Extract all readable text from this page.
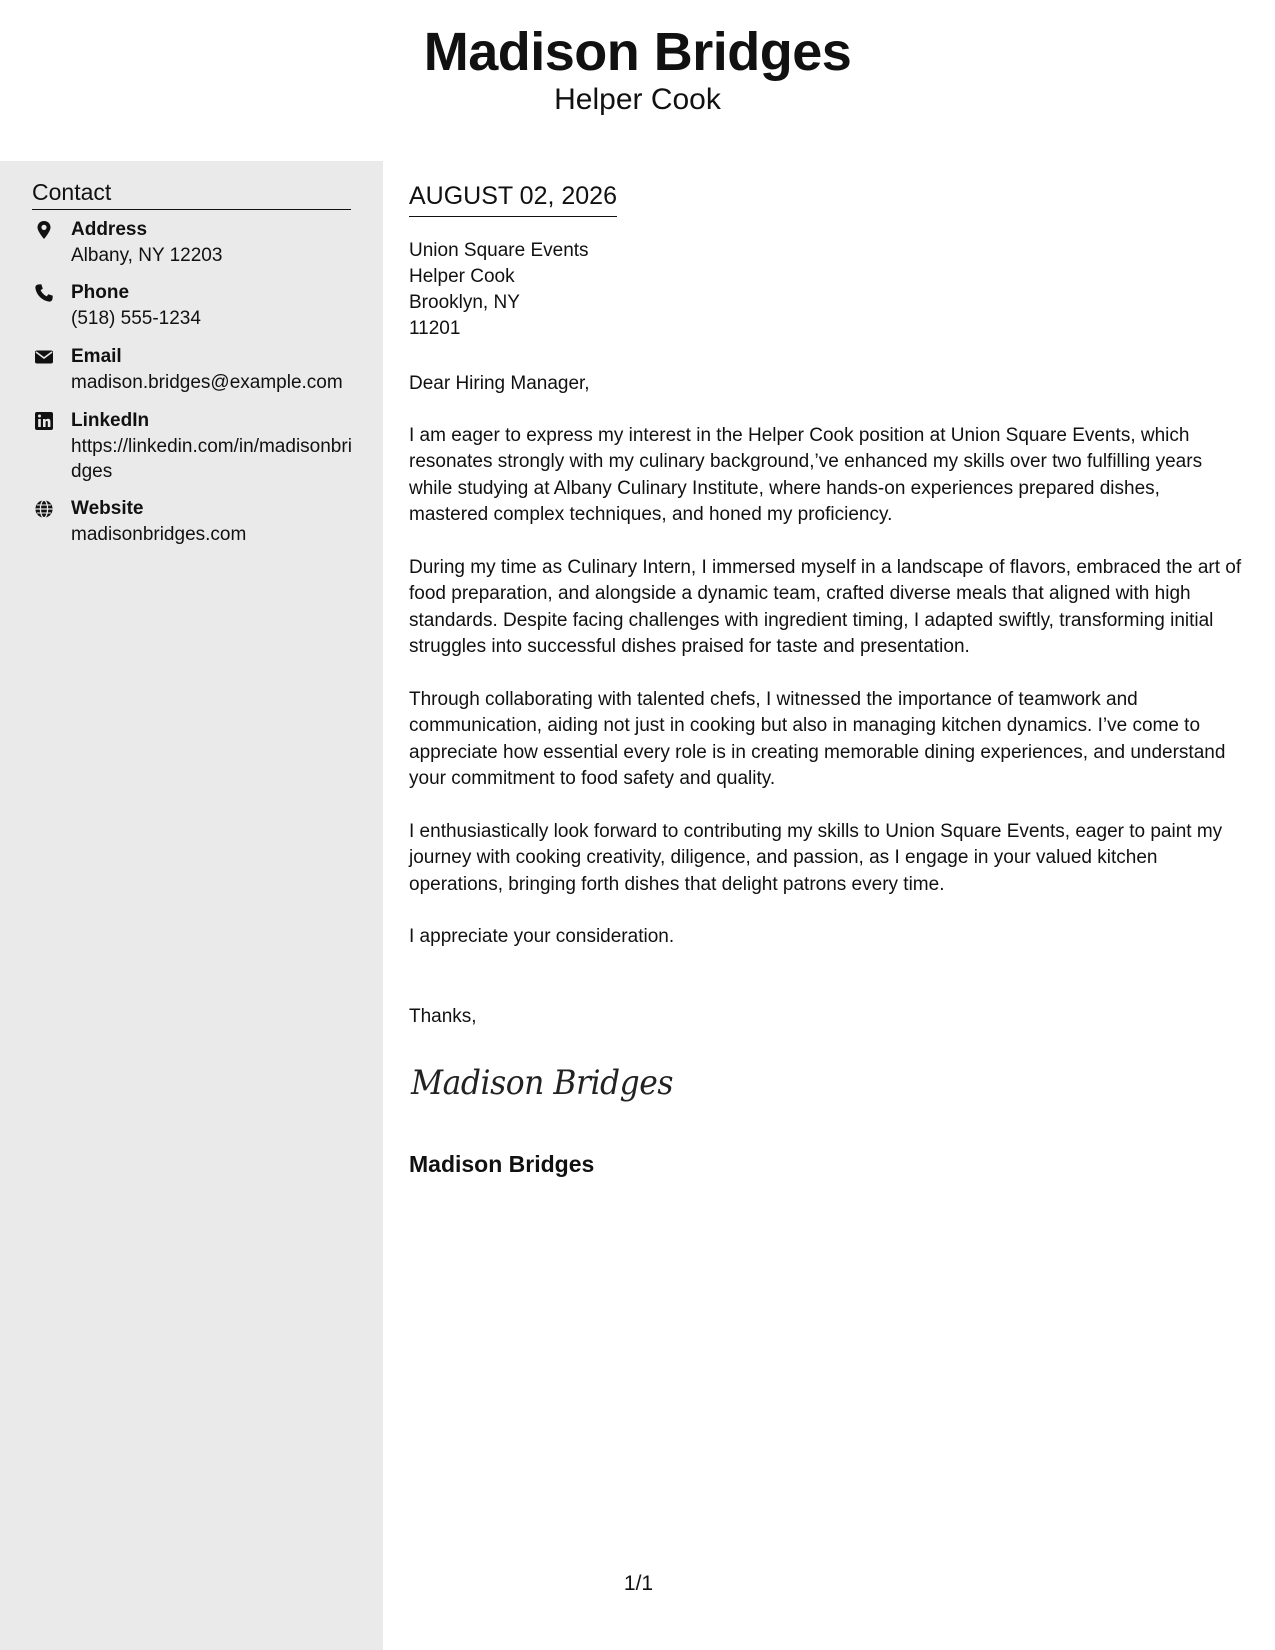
Madison Bridges
Helper Cook
Contact
Address
Albany, NY 12203
Phone
(518) 555-1234
Email
madison.bridges@example.com
LinkedIn
https://linkedin.com/in/madisonbridges
Website
madisonbridges.com
AUGUST 02, 2026
Union Square Events
Helper Cook
Brooklyn, NY
11201
Dear Hiring Manager,
I am eager to express my interest in the Helper Cook position at Union Square Events, which resonates strongly with my culinary background,’ve enhanced my skills over two fulfilling years while studying at Albany Culinary Institute, where hands-on experiences prepared dishes, mastered complex techniques, and honed my proficiency.
During my time as Culinary Intern, I immersed myself in a landscape of flavors, embraced the art of food preparation, and alongside a dynamic team, crafted diverse meals that aligned with high standards. Despite facing challenges with ingredient timing, I adapted swiftly, transforming initial struggles into successful dishes praised for taste and presentation.
Through collaborating with talented chefs, I witnessed the importance of teamwork and communication, aiding not just in cooking but also in managing kitchen dynamics. I’ve come to appreciate how essential every role is in creating memorable dining experiences, and understand your commitment to food safety and quality.
I enthusiastically look forward to contributing my skills to Union Square Events, eager to paint my journey with cooking creativity, diligence, and passion, as I engage in your valued kitchen operations, bringing forth dishes that delight patrons every time.
I appreciate your consideration.
Thanks,
Madison Bridges
Madison Bridges
1/1
